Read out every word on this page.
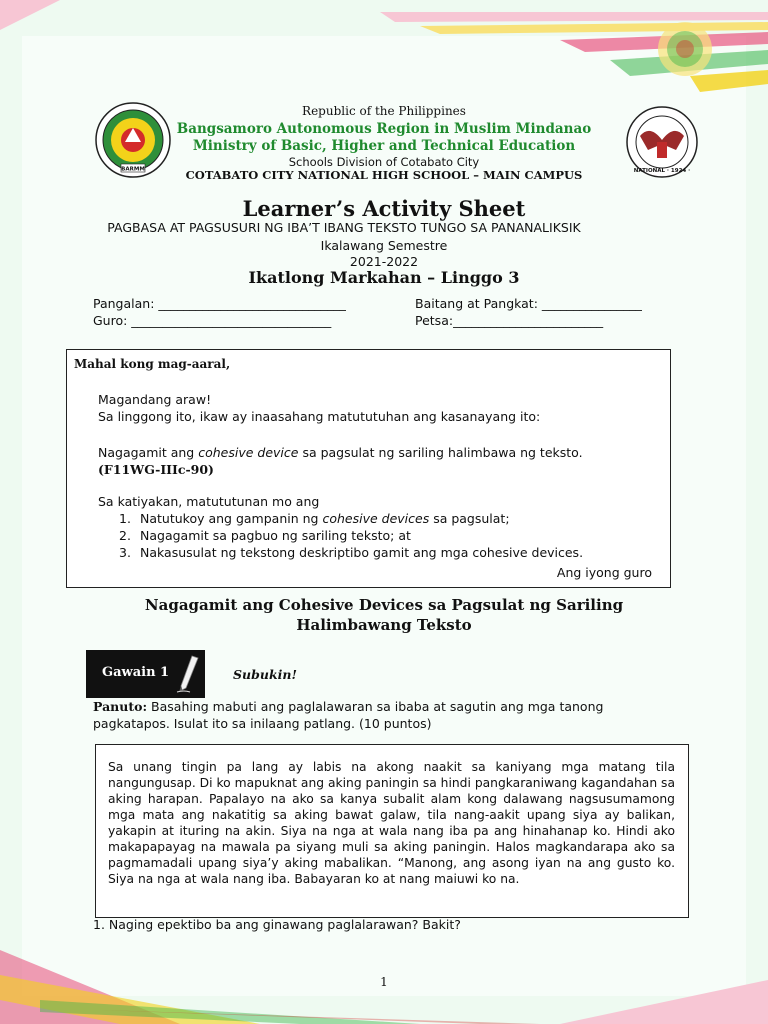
BARMM	NATIONAL · 1924 ·
Republic of the Philippines
Bangsamoro Autonomous Region in Muslim Mindanao
Ministry of Basic, Higher and Technical Education
Schools Division of Cotabato City
COTABATO CITY NATIONAL HIGH SCHOOL – MAIN CAMPUS
Learner’s Activity Sheet
PAGBASA AT PAGSUSURI NG IBA’T IBANG TEKSTO TUNGO SA PANANALIKSIK
Ikalawang Semestre
2021-2022
Ikatlong Markahan – Linggo 3
Pangalan: ______________________________	Baitang at Pangkat: ________________
Guro: ________________________________	Petsa:________________________
Mahal kong mag-aaral,
Magandang araw!
Sa linggong ito, ikaw ay inaasahang matututuhan ang kasanayang ito:
Nagagamit ang cohesive device sa pagsulat ng sariling halimbawa ng teksto.
(F11WG-IIIc-90)
Sa katiyakan, matututunan mo ang
1. Natutukoy ang gampanin ng cohesive devices sa pagsulat;
2. Nagagamit sa pagbuo ng sariling teksto; at
3. Nakasusulat ng tekstong deskriptibo gamit ang mga cohesive devices.
Ang iyong guro
Nagagamit ang Cohesive Devices sa Pagsulat ng Sariling
Halimbawang Teksto
Gawain 1	Subukin!
Panuto: Basahing mabuti ang paglalawaran sa ibaba at sagutin ang mga tanong pagkatapos. Isulat ito sa inilaang patlang. (10 puntos)
Sa unang tingin pa lang ay labis na akong naakit sa kaniyang mga matang tila nangungusap. Di ko mapuknat ang aking paningin sa hindi pangkaraniwang kagandahan sa aking harapan. Papalayo na ako sa kanya subalit alam kong dalawang nagsusumamong mga mata ang nakatitig sa aking bawat galaw, tila nang-aakit upang siya ay balikan, yakapin at ituring na akin. Siya na nga at wala nang iba pa ang hinahanap ko. Hindi ako makapapayag na mawala pa siyang muli sa aking paningin. Halos magkandarapa ako sa pagmamadali upang siya’y aking mabalikan. “Manong, ang asong iyan na ang gusto ko. Siya na nga at wala nang iba. Babayaran ko at nang maiuwi ko na.
1. Naging epektibo ba ang ginawang paglalarawan? Bakit?
1
